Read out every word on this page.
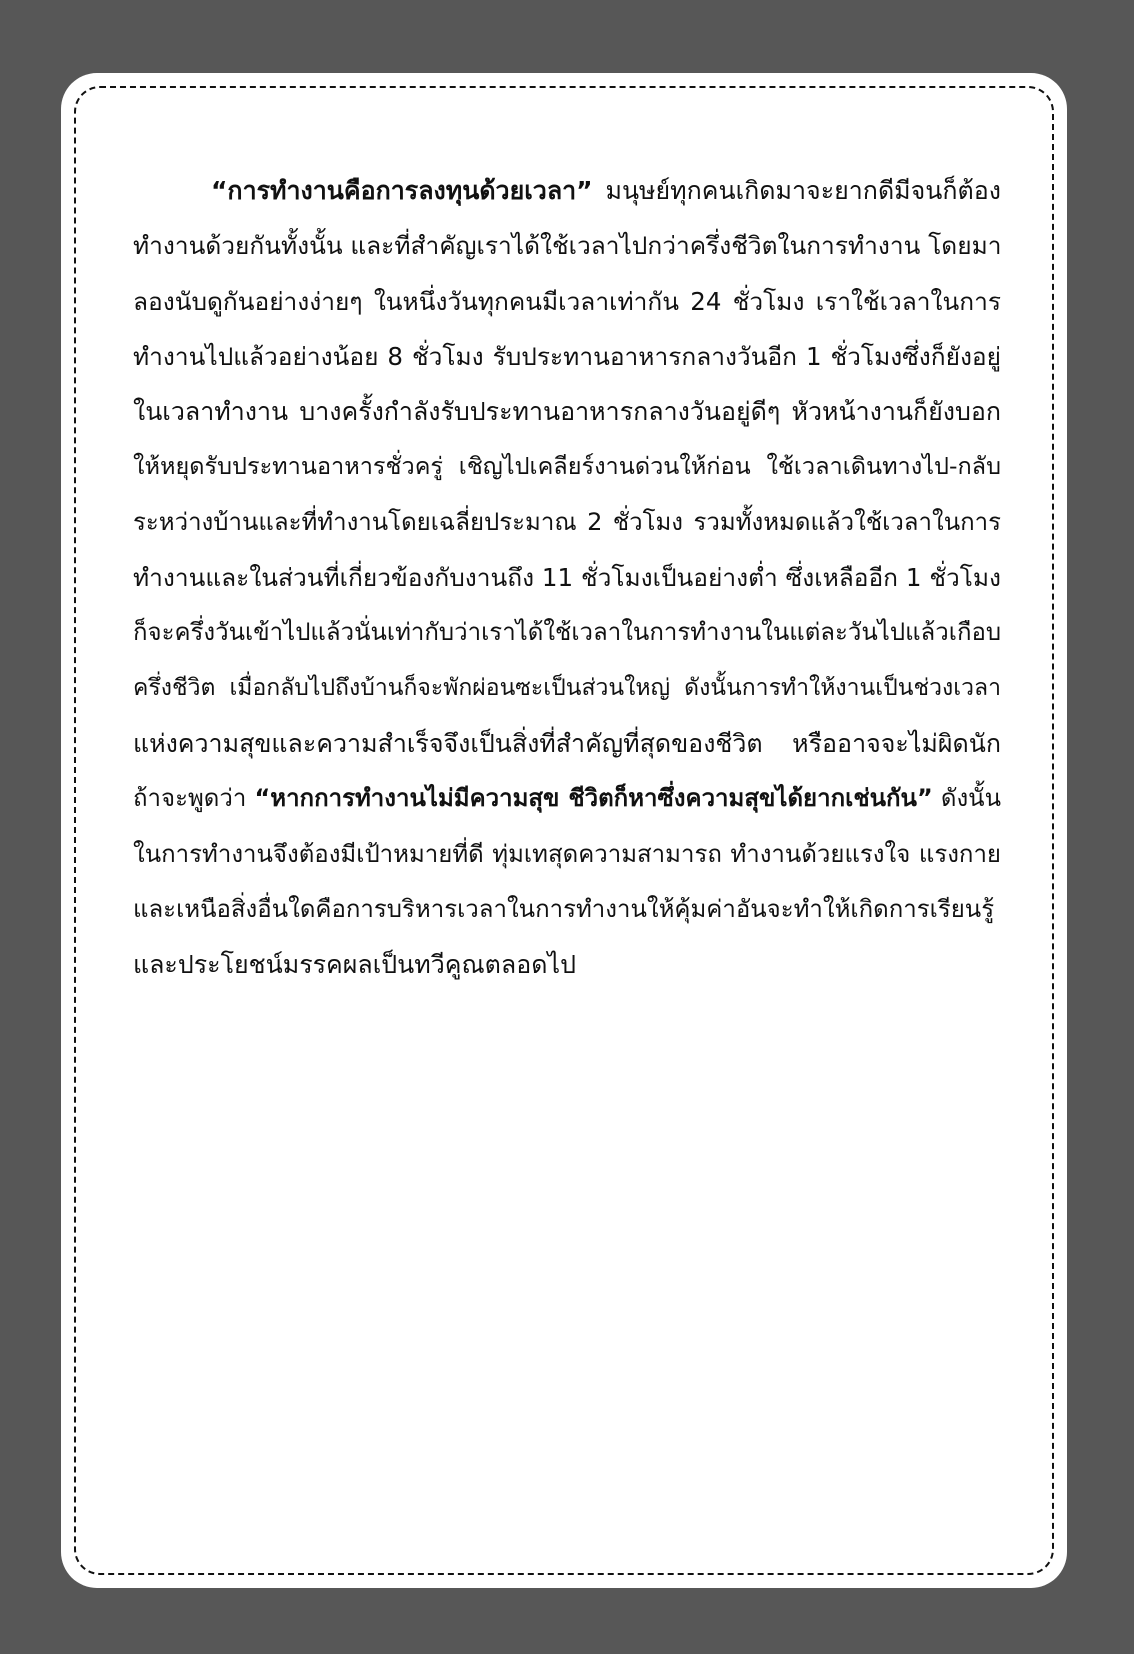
“การทำงานคือการลงทุนด้วยเวลา” มนุษย์ทุกคนเกิดมาจะยากดีมีจนก็ต้อง
ทำงานด้วยกันทั้งนั้น และที่สำคัญเราได้ใช้เวลาไปกว่าครึ่งชีวิตในการทำงาน โดยมา
ลองนับดูกันอย่างง่ายๆ ในหนึ่งวันทุกคนมีเวลาเท่ากัน 24 ชั่วโมง เราใช้เวลาในการ
ทำงานไปแล้วอย่างน้อย 8 ชั่วโมง รับประทานอาหารกลางวันอีก 1 ชั่วโมงซึ่งก็ยังอยู่
ในเวลาทำงาน บางครั้งกำลังรับประทานอาหารกลางวันอยู่ดีๆ หัวหน้างานก็ยังบอก
ให้หยุดรับประทานอาหารชั่วครู่ เชิญไปเคลียร์งานด่วนให้ก่อน ใช้เวลาเดินทางไป-กลับ
ระหว่างบ้านและที่ทำงานโดยเฉลี่ยประมาณ 2 ชั่วโมง รวมทั้งหมดแล้วใช้เวลาในการ
ทำงานและในส่วนที่เกี่ยวข้องกับงานถึง 11 ชั่วโมงเป็นอย่างต่ำ ซึ่งเหลืออีก 1 ชั่วโมง
ก็จะครึ่งวันเข้าไปแล้วนั่นเท่ากับว่าเราได้ใช้เวลาในการทำงานในแต่ละวันไปแล้วเกือบ
ครึ่งชีวิต เมื่อกลับไปถึงบ้านก็จะพักผ่อนซะเป็นส่วนใหญ่ ดังนั้นการทำให้งานเป็นช่วงเวลา
แห่งความสุขและความสำเร็จจึงเป็นสิ่งที่สำคัญที่สุดของชีวิต หรืออาจจะไม่ผิดนัก
ถ้าจะพูดว่า “หากการทำงานไม่มีความสุข ชีวิตก็หาซึ่งความสุขได้ยากเช่นกัน” ดังนั้น
ในการทำงานจึงต้องมีเป้าหมายที่ดี ทุ่มเทสุดความสามารถ ทำงานด้วยแรงใจ แรงกาย
และเหนือสิ่งอื่นใดคือการบริหารเวลาในการทำงานให้คุ้มค่าอันจะทำให้เกิดการเรียนรู้
และประโยชน์มรรคผลเป็นทวีคูณตลอดไป
